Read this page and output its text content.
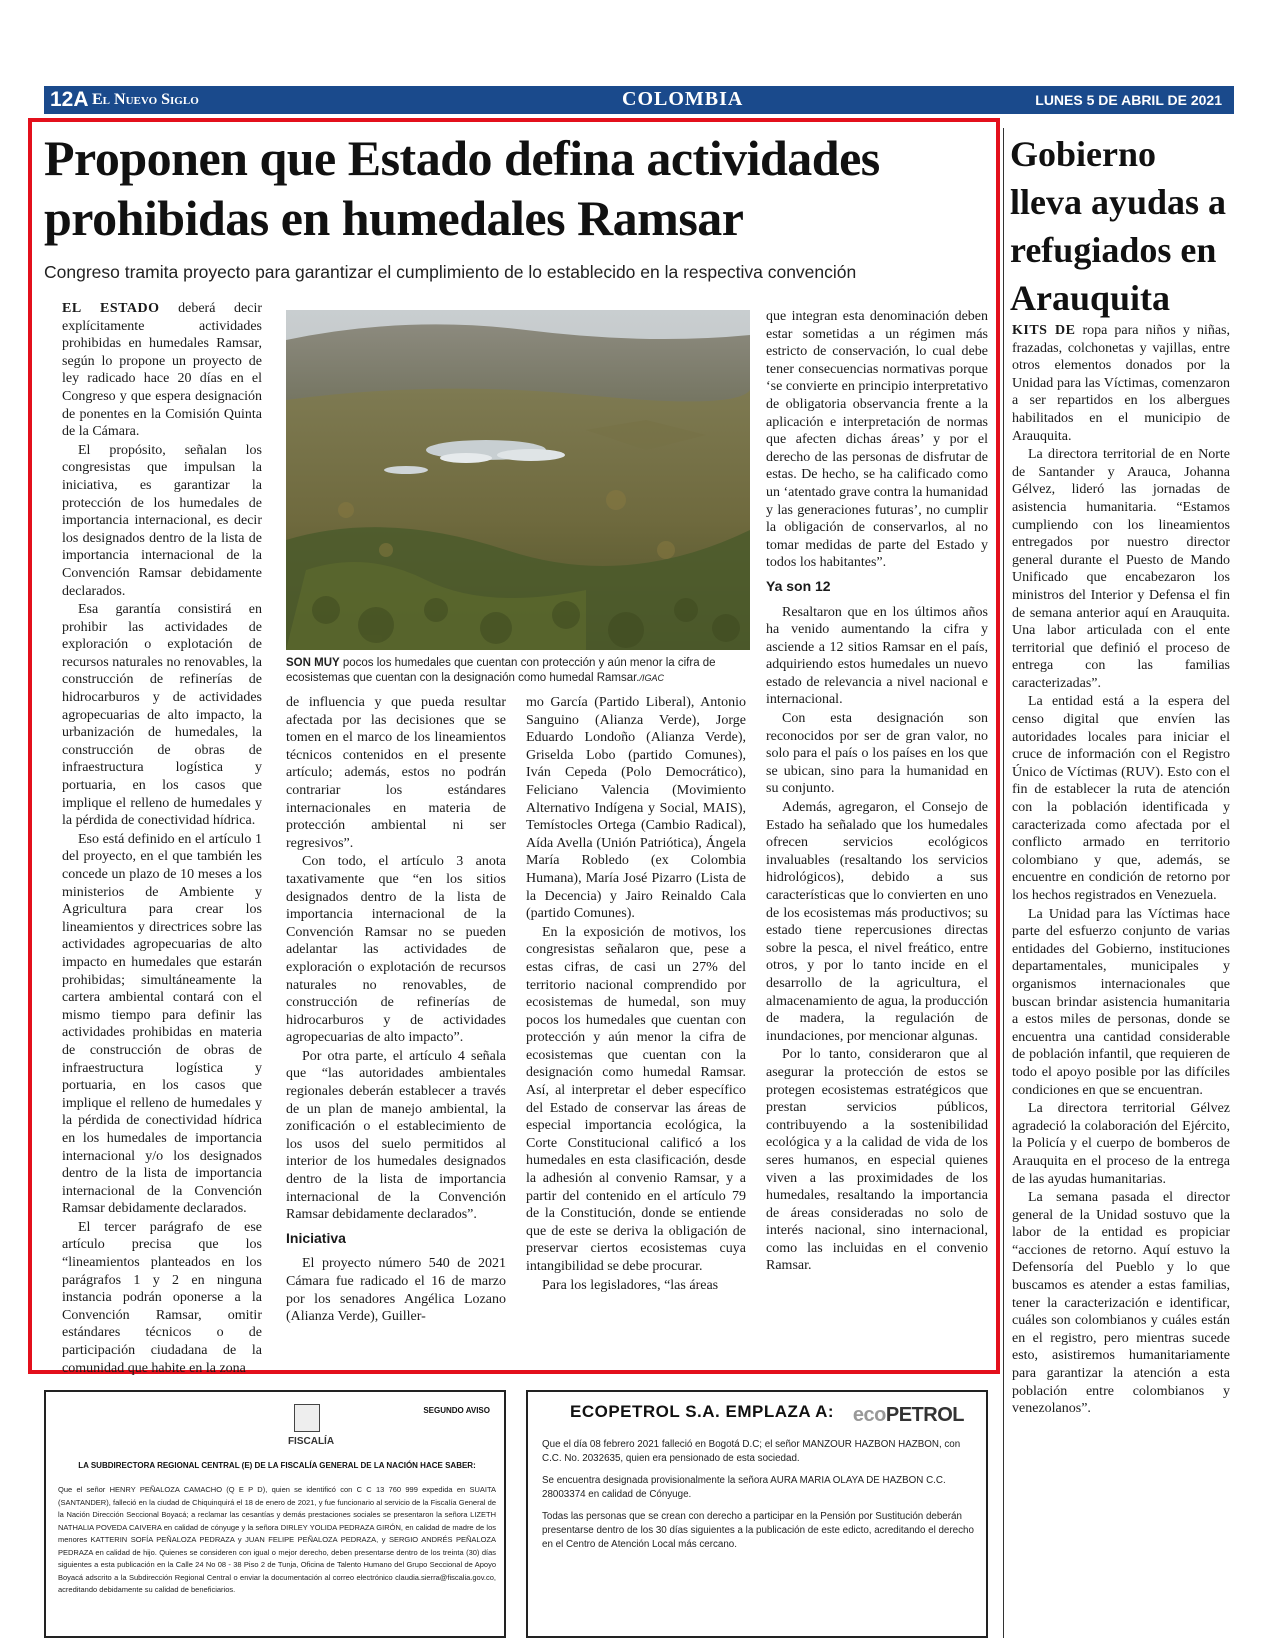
12A El Nuevo Siglo	COLOMBIA	LUNES 5 DE ABRIL DE 2021
Proponen que Estado defina actividades prohibidas en humedales Ramsar
Congreso tramita proyecto para garantizar el cumplimiento de lo establecido en la respectiva convención

EL ESTADO deberá decir explícitamente actividades prohibidas en humedales Ramsar, según lo propone un proyecto de ley radicado hace 20 días en el Congreso y que espera designación de ponentes en la Comisión Quinta de la Cámara.

El propósito, señalan los congresistas que impulsan la iniciativa, es garantizar la protección de los humedales de importancia internacional, es decir los designados dentro de la lista de importancia internacional de la Convención Ramsar debidamente declarados.

Esa garantía consistirá en prohibir las actividades de exploración o explotación de recursos naturales no renovables, la construcción de refinerías de hidrocarburos y de actividades agropecuarias de alto impacto, la urbanización de humedales, la construcción de obras de infraestructura logística y portuaria, en los casos que implique el relleno de humedales y la pérdida de conectividad hídrica.

Eso está definido en el artículo 1 del proyecto, en el que también les concede un plazo de 10 meses a los ministerios de Ambiente y Agricultura para crear los lineamientos y directrices sobre las actividades agropecuarias de alto impacto en humedales que estarán prohibidas; simultáneamente la cartera ambiental contará con el mismo tiempo para definir las actividades prohibidas en materia de construcción de obras de infraestructura logística y portuaria, en los casos que implique el relleno de humedales y la pérdida de conectividad hídrica en los humedales de importancia internacional y/o los designados dentro de la lista de importancia internacional de la Convención Ramsar debidamente declarados.

El tercer parágrafo de ese artículo precisa que los “lineamientos planteados en los parágrafos 1 y 2 en ninguna instancia podrán oponerse a la Convención Ramsar, omitir estándares técnicos o de participación ciudadana de la comunidad que habite en la zona

SON MUY pocos los humedales que cuentan con protección y aún menor la cifra de ecosistemas que cuentan con la designación como humedal Ramsar./IGAC

de influencia y que pueda resultar afectada por las decisiones que se tomen en el marco de los lineamientos técnicos contenidos en el presente artículo; además, estos no podrán contrariar los estándares internacionales en materia de protección ambiental ni ser regresivos”.

Con todo, el artículo 3 anota taxativamente que “en los sitios designados dentro de la lista de importancia internacional de la Convención Ramsar no se pueden adelantar las actividades de exploración o explotación de recursos naturales no renovables, de construcción de refinerías de hidrocarburos y de actividades agropecuarias de alto impacto”.

Por otra parte, el artículo 4 señala que “las autoridades ambientales regionales deberán establecer a través de un plan de manejo ambiental, la zonificación o el establecimiento de los usos del suelo permitidos al interior de los humedales designados dentro de la lista de importancia internacional de la Convención Ramsar debidamente declarados”.

Iniciativa

El proyecto número 540 de 2021 Cámara fue radicado el 16 de marzo por los senadores Angélica Lozano (Alianza Verde), Guiller-

mo García (Partido Liberal), Antonio Sanguino (Alianza Verde), Jorge Eduardo Londoño (Alianza Verde), Griselda Lobo (partido Comunes), Iván Cepeda (Polo Democrático), Feliciano Valencia (Movimiento Alternativo Indígena y Social, MAIS), Temístocles Ortega (Cambio Radical), Aída Avella (Unión Patriótica), Ángela María Robledo (ex Colombia Humana), María José Pizarro (Lista de la Decencia) y Jairo Reinaldo Cala (partido Comunes).

En la exposición de motivos, los congresistas señalaron que, pese a estas cifras, de casi un 27% del territorio nacional comprendido por ecosistemas de humedal, son muy pocos los humedales que cuentan con protección y aún menor la cifra de ecosistemas que cuentan con la designación como humedal Ramsar. Así, al interpretar el deber específico del Estado de conservar las áreas de especial importancia ecológica, la Corte Constitucional calificó a los humedales en esta clasificación, desde la adhesión al convenio Ramsar, y a partir del contenido en el artículo 79 de la Constitución, donde se entiende que de este se deriva la obligación de preservar ciertos ecosistemas cuya intangibilidad se debe procurar.

Para los legisladores, “las áreas

que integran esta denominación deben estar sometidas a un régimen más estricto de conservación, lo cual debe tener consecuencias normativas porque ‘se convierte en principio interpretativo de obligatoria observancia frente a la aplicación e interpretación de normas que afecten dichas áreas’ y por el derecho de las personas de disfrutar de estas. De hecho, se ha calificado como un ‘atentado grave contra la humanidad y las generaciones futuras’, no cumplir la obligación de conservarlos, al no tomar medidas de parte del Estado y todos los habitantes”.

Ya son 12

Resaltaron que en los últimos años ha venido aumentando la cifra y asciende a 12 sitios Ramsar en el país, adquiriendo estos humedales un nuevo estado de relevancia a nivel nacional e internacional.

Con esta designación son reconocidos por ser de gran valor, no solo para el país o los países en los que se ubican, sino para la humanidad en su conjunto.

Además, agregaron, el Consejo de Estado ha señalado que los humedales ofrecen servicios ecológicos invaluables (resaltando los servicios hidrológicos), debido a sus características que lo convierten en uno de los ecosistemas más productivos; su estado tiene repercusiones directas sobre la pesca, el nivel freático, entre otros, y por lo tanto incide en el desarrollo de la agricultura, el almacenamiento de agua, la producción de madera, la regulación de inundaciones, por mencionar algunas.

Por lo tanto, consideraron que al asegurar la protección de estos se protegen ecosistemas estratégicos que prestan servicios públicos, contribuyendo a la sostenibilidad ecológica y a la calidad de vida de los seres humanos, en especial quienes viven a las proximidades de los humedales, resaltando la importancia de áreas consideradas no solo de interés nacional, sino internacional, como las incluidas en el convenio Ramsar.

Gobierno lleva ayudas a refugiados en Arauquita

KITS DE ropa para niños y niñas, frazadas, colchonetas y vajillas, entre otros elementos donados por la Unidad para las Víctimas, comenzaron a ser repartidos en los albergues habilitados en el municipio de Arauquita.

La directora territorial de en Norte de Santander y Arauca, Johanna Gélvez, lideró las jornadas de asistencia humanitaria. “Estamos cumpliendo con los lineamientos entregados por nuestro director general durante el Puesto de Mando Unificado que encabezaron los ministros del Interior y Defensa el fin de semana anterior aquí en Arauquita. Una labor articulada con el ente territorial que definió el proceso de entrega con las familias caracterizadas”.

La entidad está a la espera del censo digital que envíen las autoridades locales para iniciar el cruce de información con el Registro Único de Víctimas (RUV). Esto con el fin de establecer la ruta de atención con la población identificada y caracterizada como afectada por el conflicto armado en territorio colombiano y que, además, se encuentre en condición de retorno por los hechos registrados en Venezuela.

La Unidad para las Víctimas hace parte del esfuerzo conjunto de varias entidades del Gobierno, instituciones departamentales, municipales y organismos internacionales que buscan brindar asistencia humanitaria a estos miles de personas, donde se encuentra una cantidad considerable de población infantil, que requieren de todo el apoyo posible por las difíciles condiciones en que se encuentran.

La directora territorial Gélvez agradeció la colaboración del Ejército, la Policía y el cuerpo de bomberos de Arauquita en el proceso de la entrega de las ayudas humanitarias.

La semana pasada el director general de la Unidad sostuvo que la labor de la entidad es propiciar “acciones de retorno. Aquí estuvo la Defensoría del Pueblo y lo que buscamos es atender a estas familias, tener la caracterización e identificar, cuáles son colombianos y cuáles están en el registro, pero mientras sucede esto, asistiremos humanitariamente para garantizar la atención a esta población entre colombianos y venezolanos”.

FISCALÍA
SEGUNDO AVISO
LA SUBDIRECTORA REGIONAL CENTRAL (E) DE LA FISCALÍA GENERAL DE LA NACIÓN HACE SABER:
Que el señor HENRY PEÑALOZA CAMACHO (Q E P D), quien se identificó con C C 13 760 999 expedida en SUAITA (SANTANDER), falleció en la ciudad de Chiquinquirá el 18 de enero de 2021, y fue funcionario al servicio de la Fiscalía General de la Nación Dirección Seccional Boyacá; a reclamar las cesantías y demás prestaciones sociales se presentaron la señora LIZETH NATHALIA POVEDA CAIVERA en calidad de cónyuge y la señora DIRLEY YOLIDA PEDRAZA GIRÓN, en calidad de madre de los menores KATTERIN SOFÍA PEÑALOZA PEDRAZA y JUAN FELIPE PEÑALOZA PEDRAZA, y SERGIO ANDRÉS PEÑALOZA PEDRAZA en calidad de hijo. Quienes se consideren con igual o mejor derecho, deben presentarse dentro de los treinta (30) días siguientes a esta publicación en la Calle 24 No 08 - 38 Piso 2 de Tunja, Oficina de Talento Humano del Grupo Seccional de Apoyo Boyacá adscrito a la Subdirección Regional Central o enviar la documentación al correo electrónico claudia.sierra@fiscalia.gov.co, acreditando debidamente su calidad de beneficiarios.
ECOPETROL S.A. EMPLAZA A: ecoPETROL

Que el día 08 febrero 2021 falleció en Bogotá D.C; el señor MANZOUR HAZBON HAZBON, con C.C. No. 2032635, quien era pensionado de esta sociedad.

Se encuentra designada provisionalmente la señora AURA MARIA OLAYA DE HAZBON C.C. 28003374 en calidad de Cónyuge.

Todas las personas que se crean con derecho a participar en la Pensión por Sustitución deberán presentarse dentro de los 30 días siguientes a la publicación de este edicto, acreditando el derecho en el Centro de Atención Local más cercano.
